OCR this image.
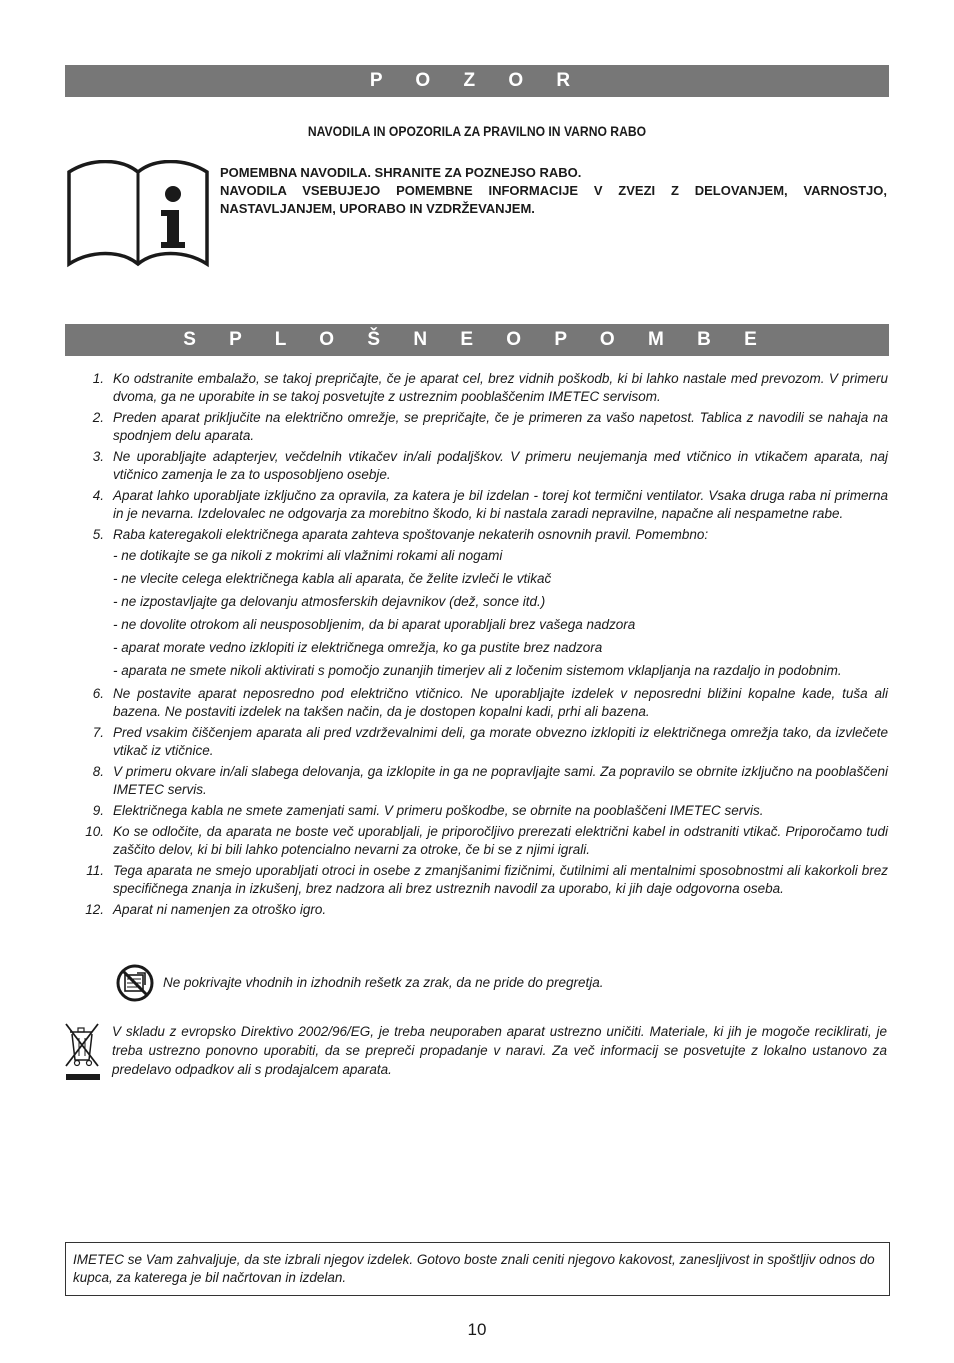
P O Z O R
NAVODILA IN OPOZORILA ZA PRAVILNO IN VARNO RABO

POMEMBNA NAVODILA. SHRANITE ZA POZNEJSO RABO.

NAVODILA VSEBUJEJO POMEMBNE INFORMACIJE V ZVEZI Z DELOVANJEM, VARNOSTJO, NASTAVLJANJEM, UPORABO IN VZDRŽEVANJEM.

S P L O Š N E O P O M B E
1. Ko odstranite embalažo, se takoj prepričajte, če je aparat cel, brez vidnih poškodb, ki bi lahko nastale med prevozom. V primeru dvoma, ga ne uporabite in se takoj posvetujte z ustreznim pooblaščenim IMETEC servisom.
2. Preden aparat priključite na električno omrežje, se prepričajte, če je primeren za vašo napetost. Tablica z navodili se nahaja na spodnjem delu aparata.
3. Ne uporabljajte adapterjev, večdelnih vtikačev in/ali podaljškov. V primeru neujemanja med vtičnico in vtikačem aparata, naj vtičnico zamenja le za to usposobljeno osebje.
4. Aparat lahko uporabljate izključno za opravila, za katera je bil izdelan - torej kot termični ventilator. Vsaka druga raba ni primerna in je nevarna. Izdelovalec ne odgovarja za morebitno škodo, ki bi nastala zaradi nepravilne, napačne ali nespametne rabe.
5. Raba kateregakoli električnega aparata zahteva spoštovanje nekaterih osnovnih pravil. Pomembno:
- ne dotikajte se ga nikoli z mokrimi ali vlažnimi rokami ali nogami
- ne vlecite celega električnega kabla ali aparata, če želite izvleči le vtikač
- ne izpostavljajte ga delovanju atmosferskih dejavnikov (dež, sonce itd.)
- ne dovolite otrokom ali neusposobljenim, da bi aparat uporabljali brez vašega nadzora
- aparat morate vedno izklopiti iz električnega omrežja, ko ga pustite brez nadzora
- aparata ne smete nikoli aktivirati s pomočjo zunanjih timerjev ali z ločenim sistemom vklapljanja na razdaljo in podobnim.
6. Ne postavite aparat neposredno pod električno vtičnico. Ne uporabljajte izdelek v neposredni bližini kopalne kade, tuša ali bazena. Ne postaviti izdelek na takšen način, da je dostopen kopalni kadi, prhi ali bazena.
7. Pred vsakim čiščenjem aparata ali pred vzdrževalnimi deli, ga morate obvezno izklopiti iz električnega omrežja tako, da izvlečete vtikač iz vtičnice.
8. V primeru okvare in/ali slabega delovanja, ga izklopite in ga ne popravljajte sami. Za popravilo se obrnite izključno na pooblaščeni IMETEC servis.
9. Električnega kabla ne smete zamenjati sami. V primeru poškodbe, se obrnite na pooblaščeni IMETEC servis.
10. Ko se odločite, da aparata ne boste več uporabljali, je priporočljivo prerezati električni kabel in odstraniti vtikač. Priporočamo tudi zaščito delov, ki bi bili lahko potencialno nevarni za otroke, če bi se z njimi igrali.
11. Tega aparata ne smejo uporabljati otroci in osebe z zmanjšanimi fizičnimi, čutilnimi ali mentalnimi sposobnostmi ali kakorkoli brez specifičnega znanja in izkušenj, brez nadzora ali brez ustreznih navodil za uporabo, ki jih daje odgovorna oseba.
12. Aparat ni namenjen za otroško igro.
Ne pokrivajte vhodnih in izhodnih rešetk za zrak, da ne pride do pregretja.
V skladu z evropsko Direktivo 2002/96/EG, je treba neuporaben aparat ustrezno uničiti. Materiale, ki jih je mogoče reciklirati, je treba ustrezno ponovno uporabiti, da se prepreči propadanje v naravi. Za več informacij se posvetujte z lokalno ustanovo za predelavo odpadkov ali s prodajalcem aparata.
IMETEC se Vam zahvaljuje, da ste izbrali njegov izdelek. Gotovo boste znali ceniti njegovo kakovost, zanesljivost in spoštljiv odnos do kupca, za katerega je bil načrtovan in izdelan.
10
